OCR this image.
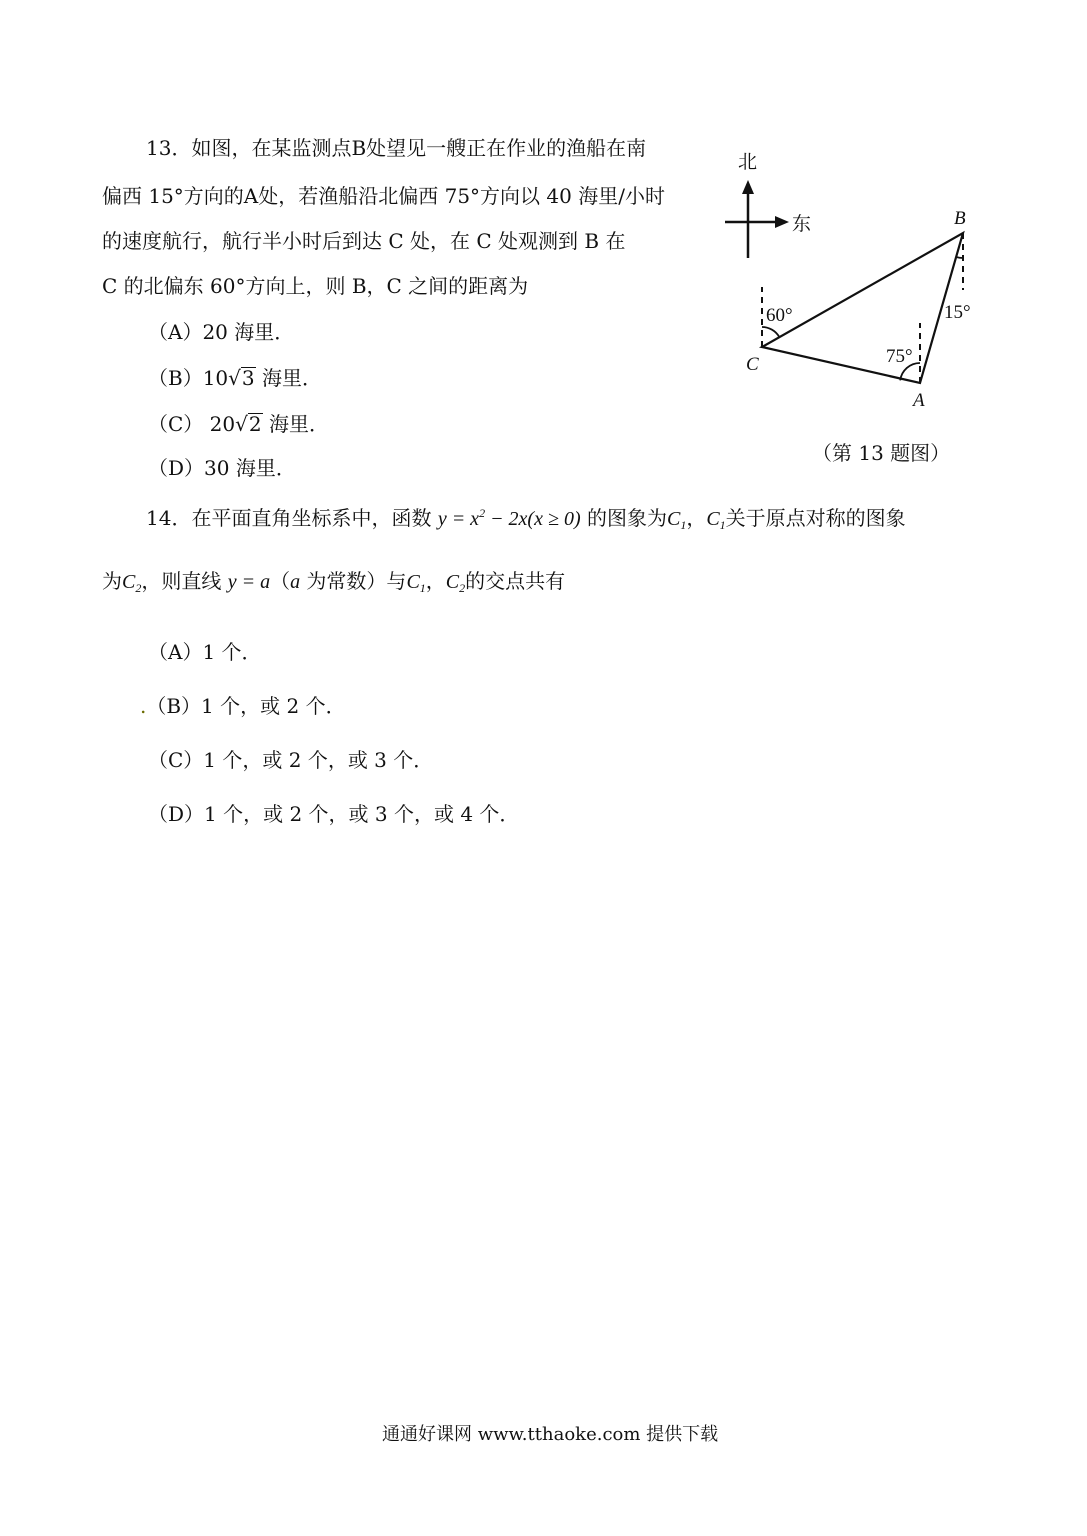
13．如图，在某监测点B处望见一艘正在作业的渔船在南
偏西 15°方向的A处，若渔船沿北偏西 75°方向以 40 海里/小时
的速度航行，航行半小时后到达 C 处，在 C 处观测到 B 在
C 的北偏东 60°方向上，则 B，C 之间的距离为
（A）20 海里．
（B）10√3 海里．
（C） 20√2 海里．
（D）30 海里．
北
东
60°
75°
15°
B
C
A
（第 13 题图）
14．在平面直角坐标系中，函数 $y = x^2 - 2x(x \ge 0)$ 的图象为$C_1$，$C_1$关于原点对称的图象
为$C_2$，则直线 y = a（a 为常数）与$C_1$，$C_2$的交点共有
（A）1 个．
.（B）1 个，或 2 个．
（C）1 个，或 2 个，或 3 个．
（D）1 个，或 2 个，或 3 个，或 4 个．
通通好课网 www.tthaoke.com 提供下载
